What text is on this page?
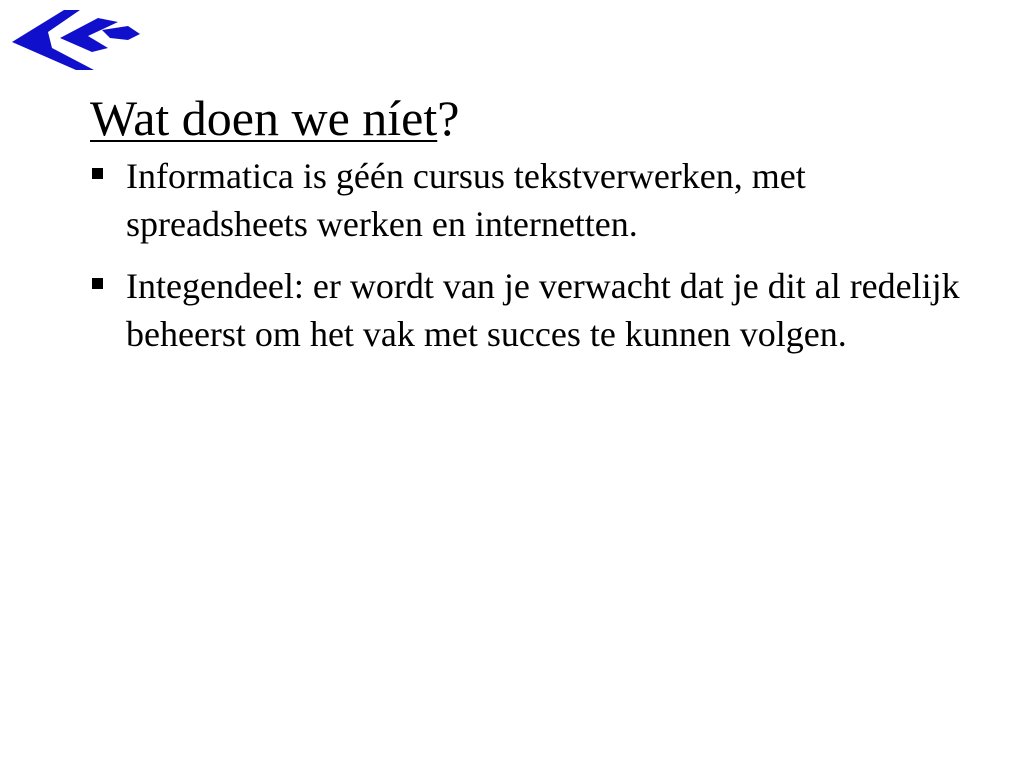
Wat doen we níet?
Informatica is géén cursus tekstverwerken, met spreadsheets werken en internetten.
Integendeel: er wordt van je verwacht dat je dit al redelijk beheerst om het vak met succes te kunnen volgen.
